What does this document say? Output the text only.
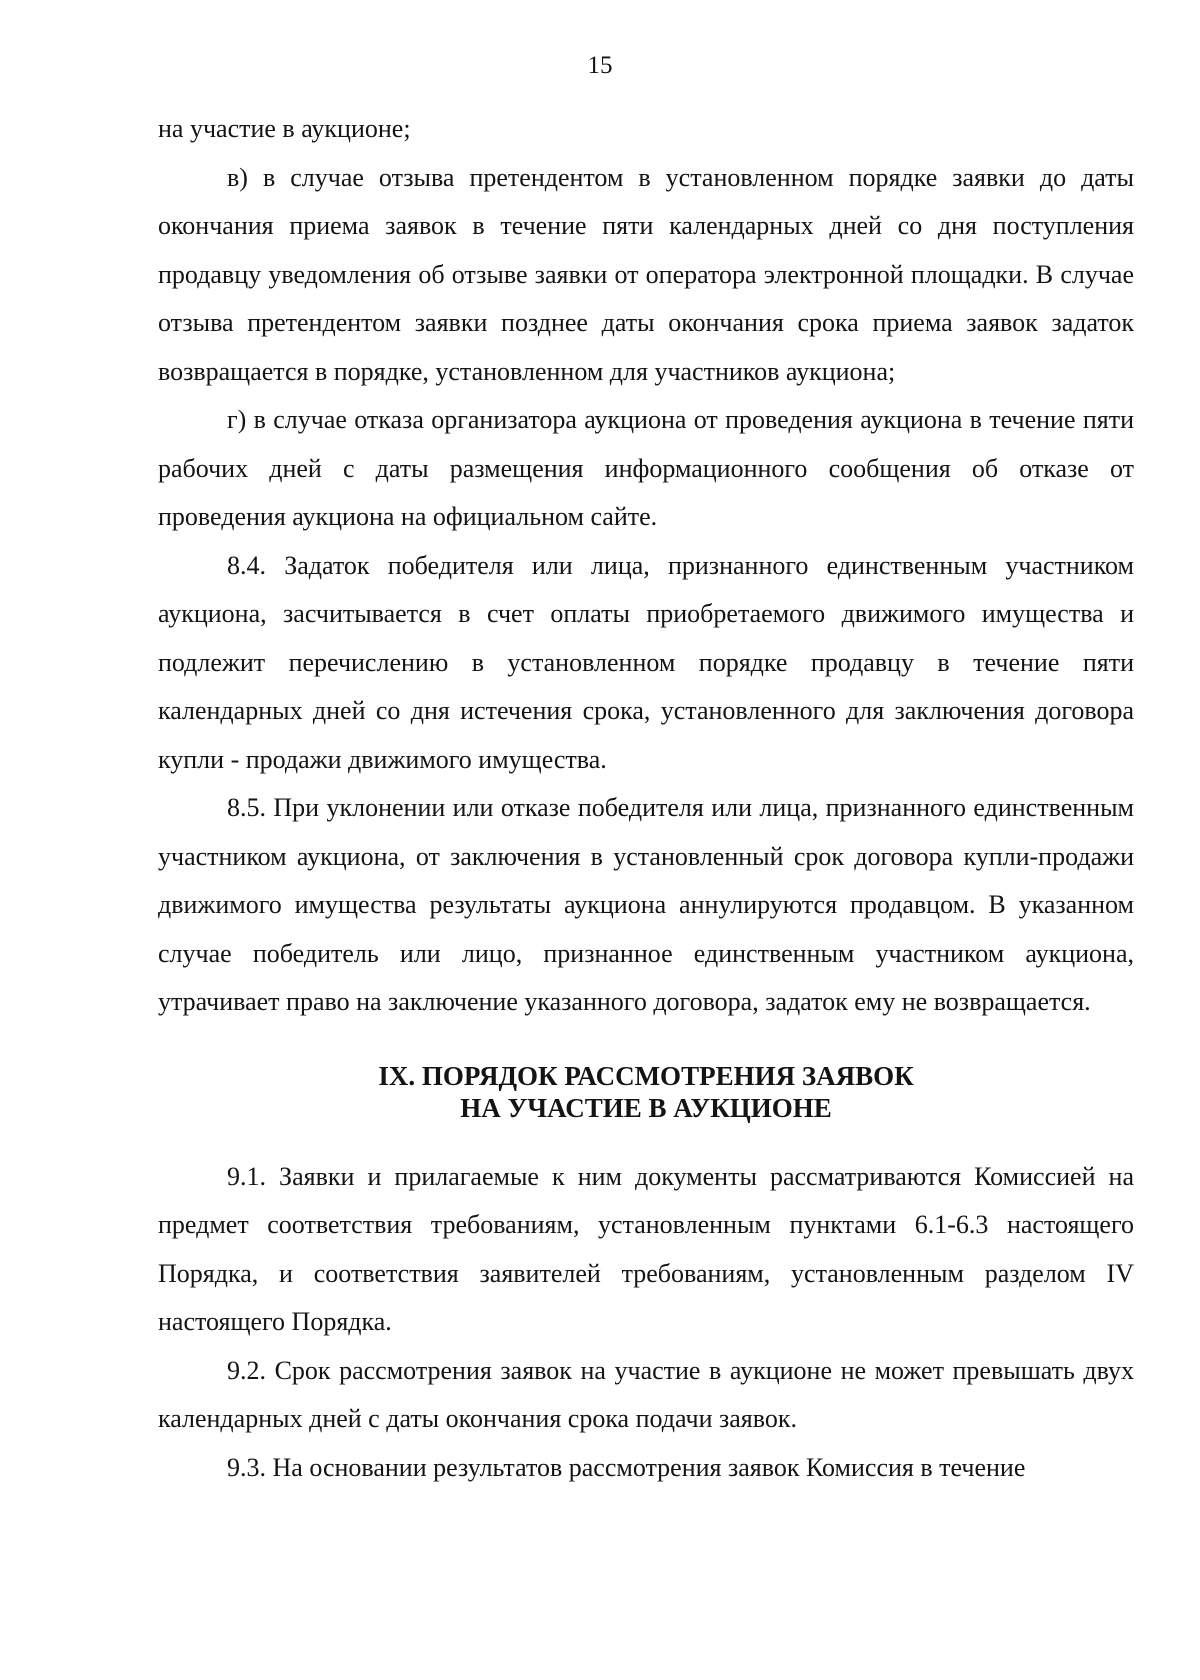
15

на участие в аукционе;

в) в случае отзыва претендентом в установленном порядке заявки до даты окончания приема заявок в течение пяти календарных дней со дня поступления продавцу уведомления об отзыве заявки от оператора электронной площадки. В случае отзыва претендентом заявки позднее даты окончания срока приема заявок задаток возвращается в порядке, установленном для участников аукциона;

г) в случае отказа организатора аукциона от проведения аукциона в течение пяти рабочих дней с даты размещения информационного сообщения об отказе от проведения аукциона на официальном сайте.

8.4. Задаток победителя или лица, признанного единственным участником аукциона, засчитывается в счет оплаты приобретаемого движимого имущества и подлежит перечислению в установленном порядке продавцу в течение пяти календарных дней со дня истечения срока, установленного для заключения договора купли - продажи движимого имущества.

8.5. При уклонении или отказе победителя или лица, признанного единственным участником аукциона, от заключения в установленный срок договора купли-продажи движимого имущества результаты аукциона аннулируются продавцом. В указанном случае победитель или лицо, признанное единственным участником аукциона, утрачивает право на заключение указанного договора, задаток ему не возвращается.

IX. ПОРЯДОК РАССМОТРЕНИЯ ЗАЯВОК
НА УЧАСТИЕ В АУКЦИОНЕ

9.1. Заявки и прилагаемые к ним документы рассматриваются Комиссией на предмет соответствия требованиям, установленным пунктами 6.1-6.3 настоящего Порядка, и соответствия заявителей требованиям, установленным разделом IV настоящего Порядка.

9.2. Срок рассмотрения заявок на участие в аукционе не может превышать двух календарных дней с даты окончания срока подачи заявок.

9.3. На основании результатов рассмотрения заявок Комиссия в течение
